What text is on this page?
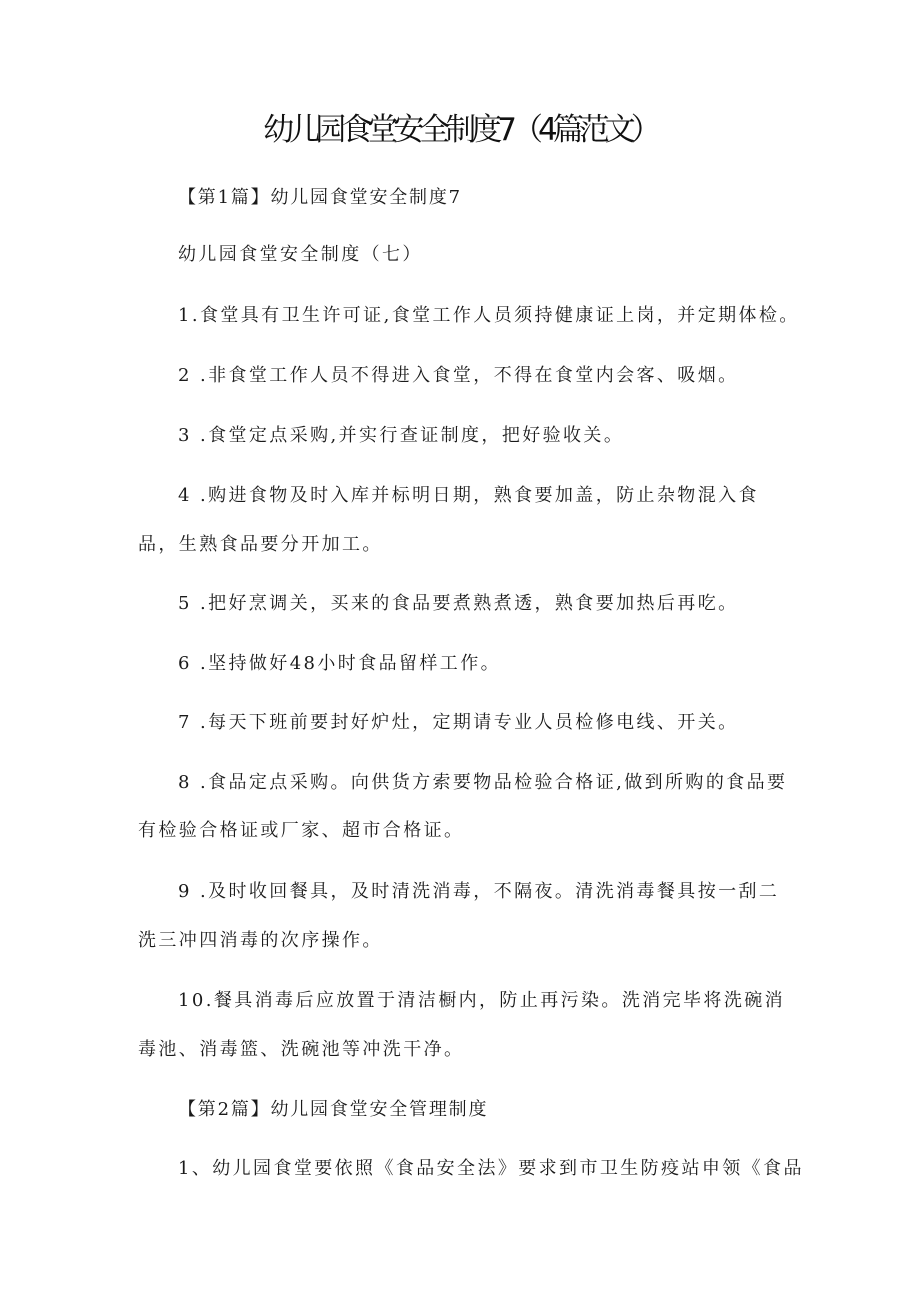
幼儿园食堂安全制度7（4篇范文）
【第1篇】幼儿园食堂安全制度7
幼儿园食堂安全制度（七）
1.食堂具有卫生许可证,食堂工作人员须持健康证上岗，并定期体检。
2 .非食堂工作人员不得进入食堂，不得在食堂内会客、吸烟。
3 .食堂定点采购,并实行查证制度，把好验收关。
4 .购进食物及时入库并标明日期，熟食要加盖，防止杂物混入食
品，生熟食品要分开加工。
5 .把好烹调关，买来的食品要煮熟煮透，熟食要加热后再吃。
6 .坚持做好48小时食品留样工作。
7 .每天下班前要封好炉灶，定期请专业人员检修电线、开关。
8 .食品定点采购。向供货方索要物品检验合格证,做到所购的食品要
有检验合格证或厂家、超市合格证。
9 .及时收回餐具，及时清洗消毒，不隔夜。清洗消毒餐具按一刮二
洗三冲四消毒的次序操作。
10.餐具消毒后应放置于清洁橱内，防止再污染。洗消完毕将洗碗消
毒池、消毒篮、洗碗池等冲洗干净。
【第2篇】幼儿园食堂安全管理制度
1、幼儿园食堂要依照《食品安全法》要求到市卫生防疫站申领《食品
